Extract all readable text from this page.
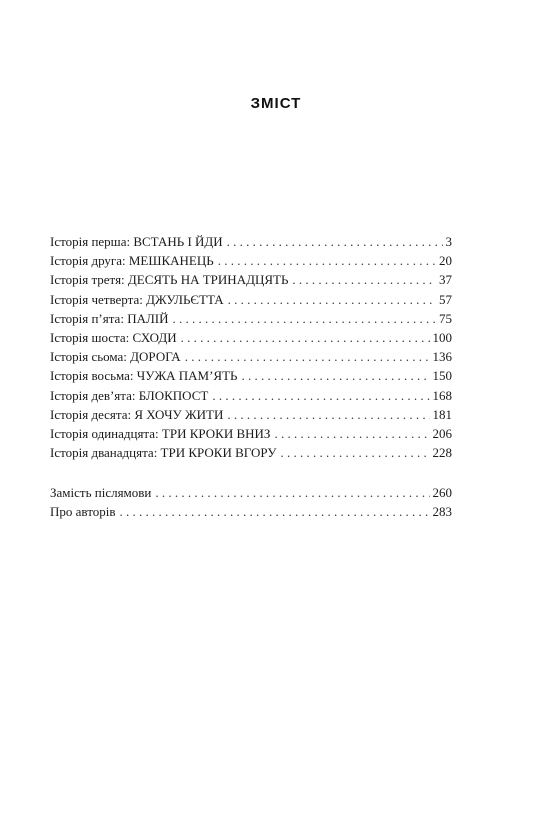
ЗМІСТ
Історія перша: ВСТАНЬ І ЙДИ . . .	3
Історія друга: МЕШКАНЕЦЬ . . .	20
Історія третя: ДЕСЯТЬ НА ТРИНАДЦЯТЬ . . .	37
Історія четверта: ДЖУЛЬЄТТА . . .	57
Історія п’ята: ПАЛІЙ . . .	75
Історія шоста: СХОДИ . . .	100
Історія сьома: ДОРОГА . . .	136
Історія восьма: ЧУЖА ПАМ’ЯТЬ . . .	150
Історія дев’ята: БЛОКПОСТ . . .	168
Історія десята: Я ХОЧУ ЖИТИ . . .	181
Історія одинадцята: ТРИ КРОКИ ВНИЗ . . .	206
Історія дванадцята: ТРИ КРОКИ ВГОРУ . . .	228
Замість післямови . . .	260
Про авторів . . .	283
